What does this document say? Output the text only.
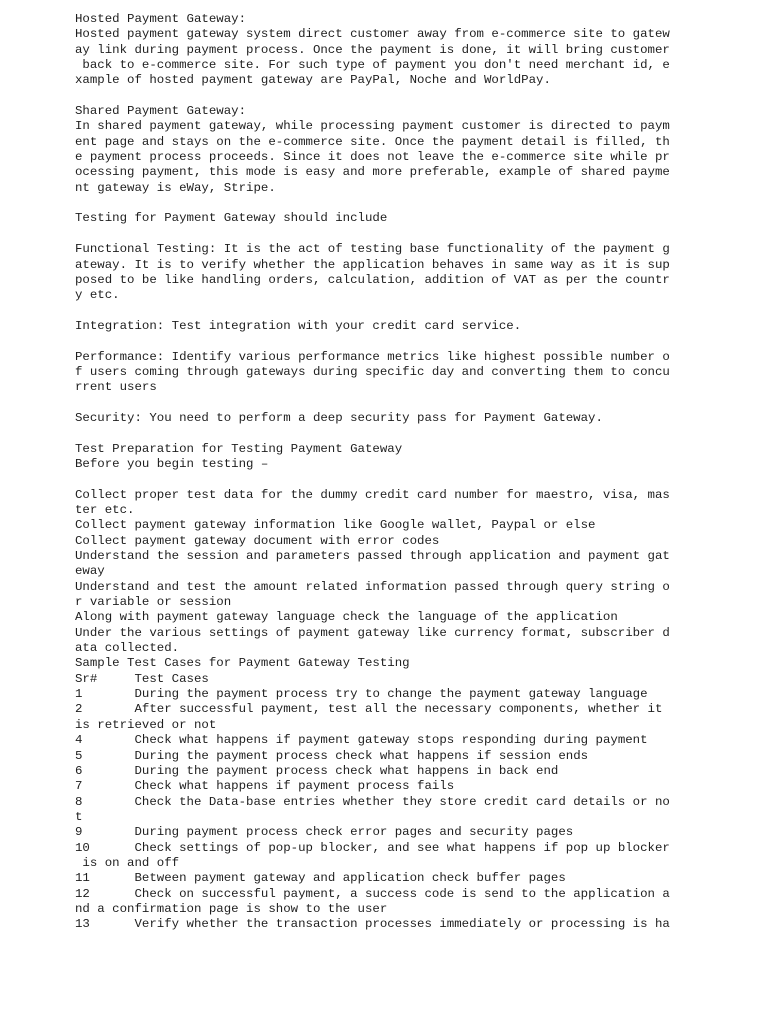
Hosted Payment Gateway:
Hosted payment gateway system direct customer away from e-commerce site to gatew
ay link during payment process. Once the payment is done, it will bring customer
back to e-commerce site. For such type of payment you don't need merchant id, e
xample of hosted payment gateway are PayPal, Noche and WorldPay.
Shared Payment Gateway:
In shared payment gateway, while processing payment customer is directed to paym
ent page and stays on the e-commerce site. Once the payment detail is filled, th
e payment process proceeds. Since it does not leave the e-commerce site while pr
ocessing payment, this mode is easy and more preferable, example of shared payme
nt gateway is eWay, Stripe.
Testing for Payment Gateway should include
Functional Testing: It is the act of testing base functionality of the payment g
ateway. It is to verify whether the application behaves in same way as it is sup
posed to be like handling orders, calculation, addition of VAT as per the countr
y etc.
Integration: Test integration with your credit card service.
Performance: Identify various performance metrics like highest possible number o
f users coming through gateways during specific day and converting them to concu
rrent users
Security: You need to perform a deep security pass for Payment Gateway.
Test Preparation for Testing Payment Gateway
Before you begin testing –
Collect proper test data for the dummy credit card number for maestro, visa, mas
ter etc.
Collect payment gateway information like Google wallet, Paypal or else
Collect payment gateway document with error codes
Understand the session and parameters passed through application and payment gat
eway
Understand and test the amount related information passed through query string o
r variable or session
Along with payment gateway language check the language of the application
Under the various settings of payment gateway like currency format, subscriber d
ata collected.
Sample Test Cases for Payment Gateway Testing
Sr#	Test Cases
1	During the payment process try to change the payment gateway language
2	After successful payment, test all the necessary components, whether it
is retrieved or not
4	Check what happens if payment gateway stops responding during payment
5	During the payment process check what happens if session ends
6	During the payment process check what happens in back end
7	Check what happens if payment process fails
8	Check the Data-base entries whether they store credit card details or no
t
9	During payment process check error pages and security pages
10	Check settings of pop-up blocker, and see what happens if pop up blocker
is on and off
11	Between payment gateway and application check buffer pages
12	Check on successful payment, a success code is send to the application a
nd a confirmation page is show to the user
13	Verify whether the transaction processes immediately or processing is ha
